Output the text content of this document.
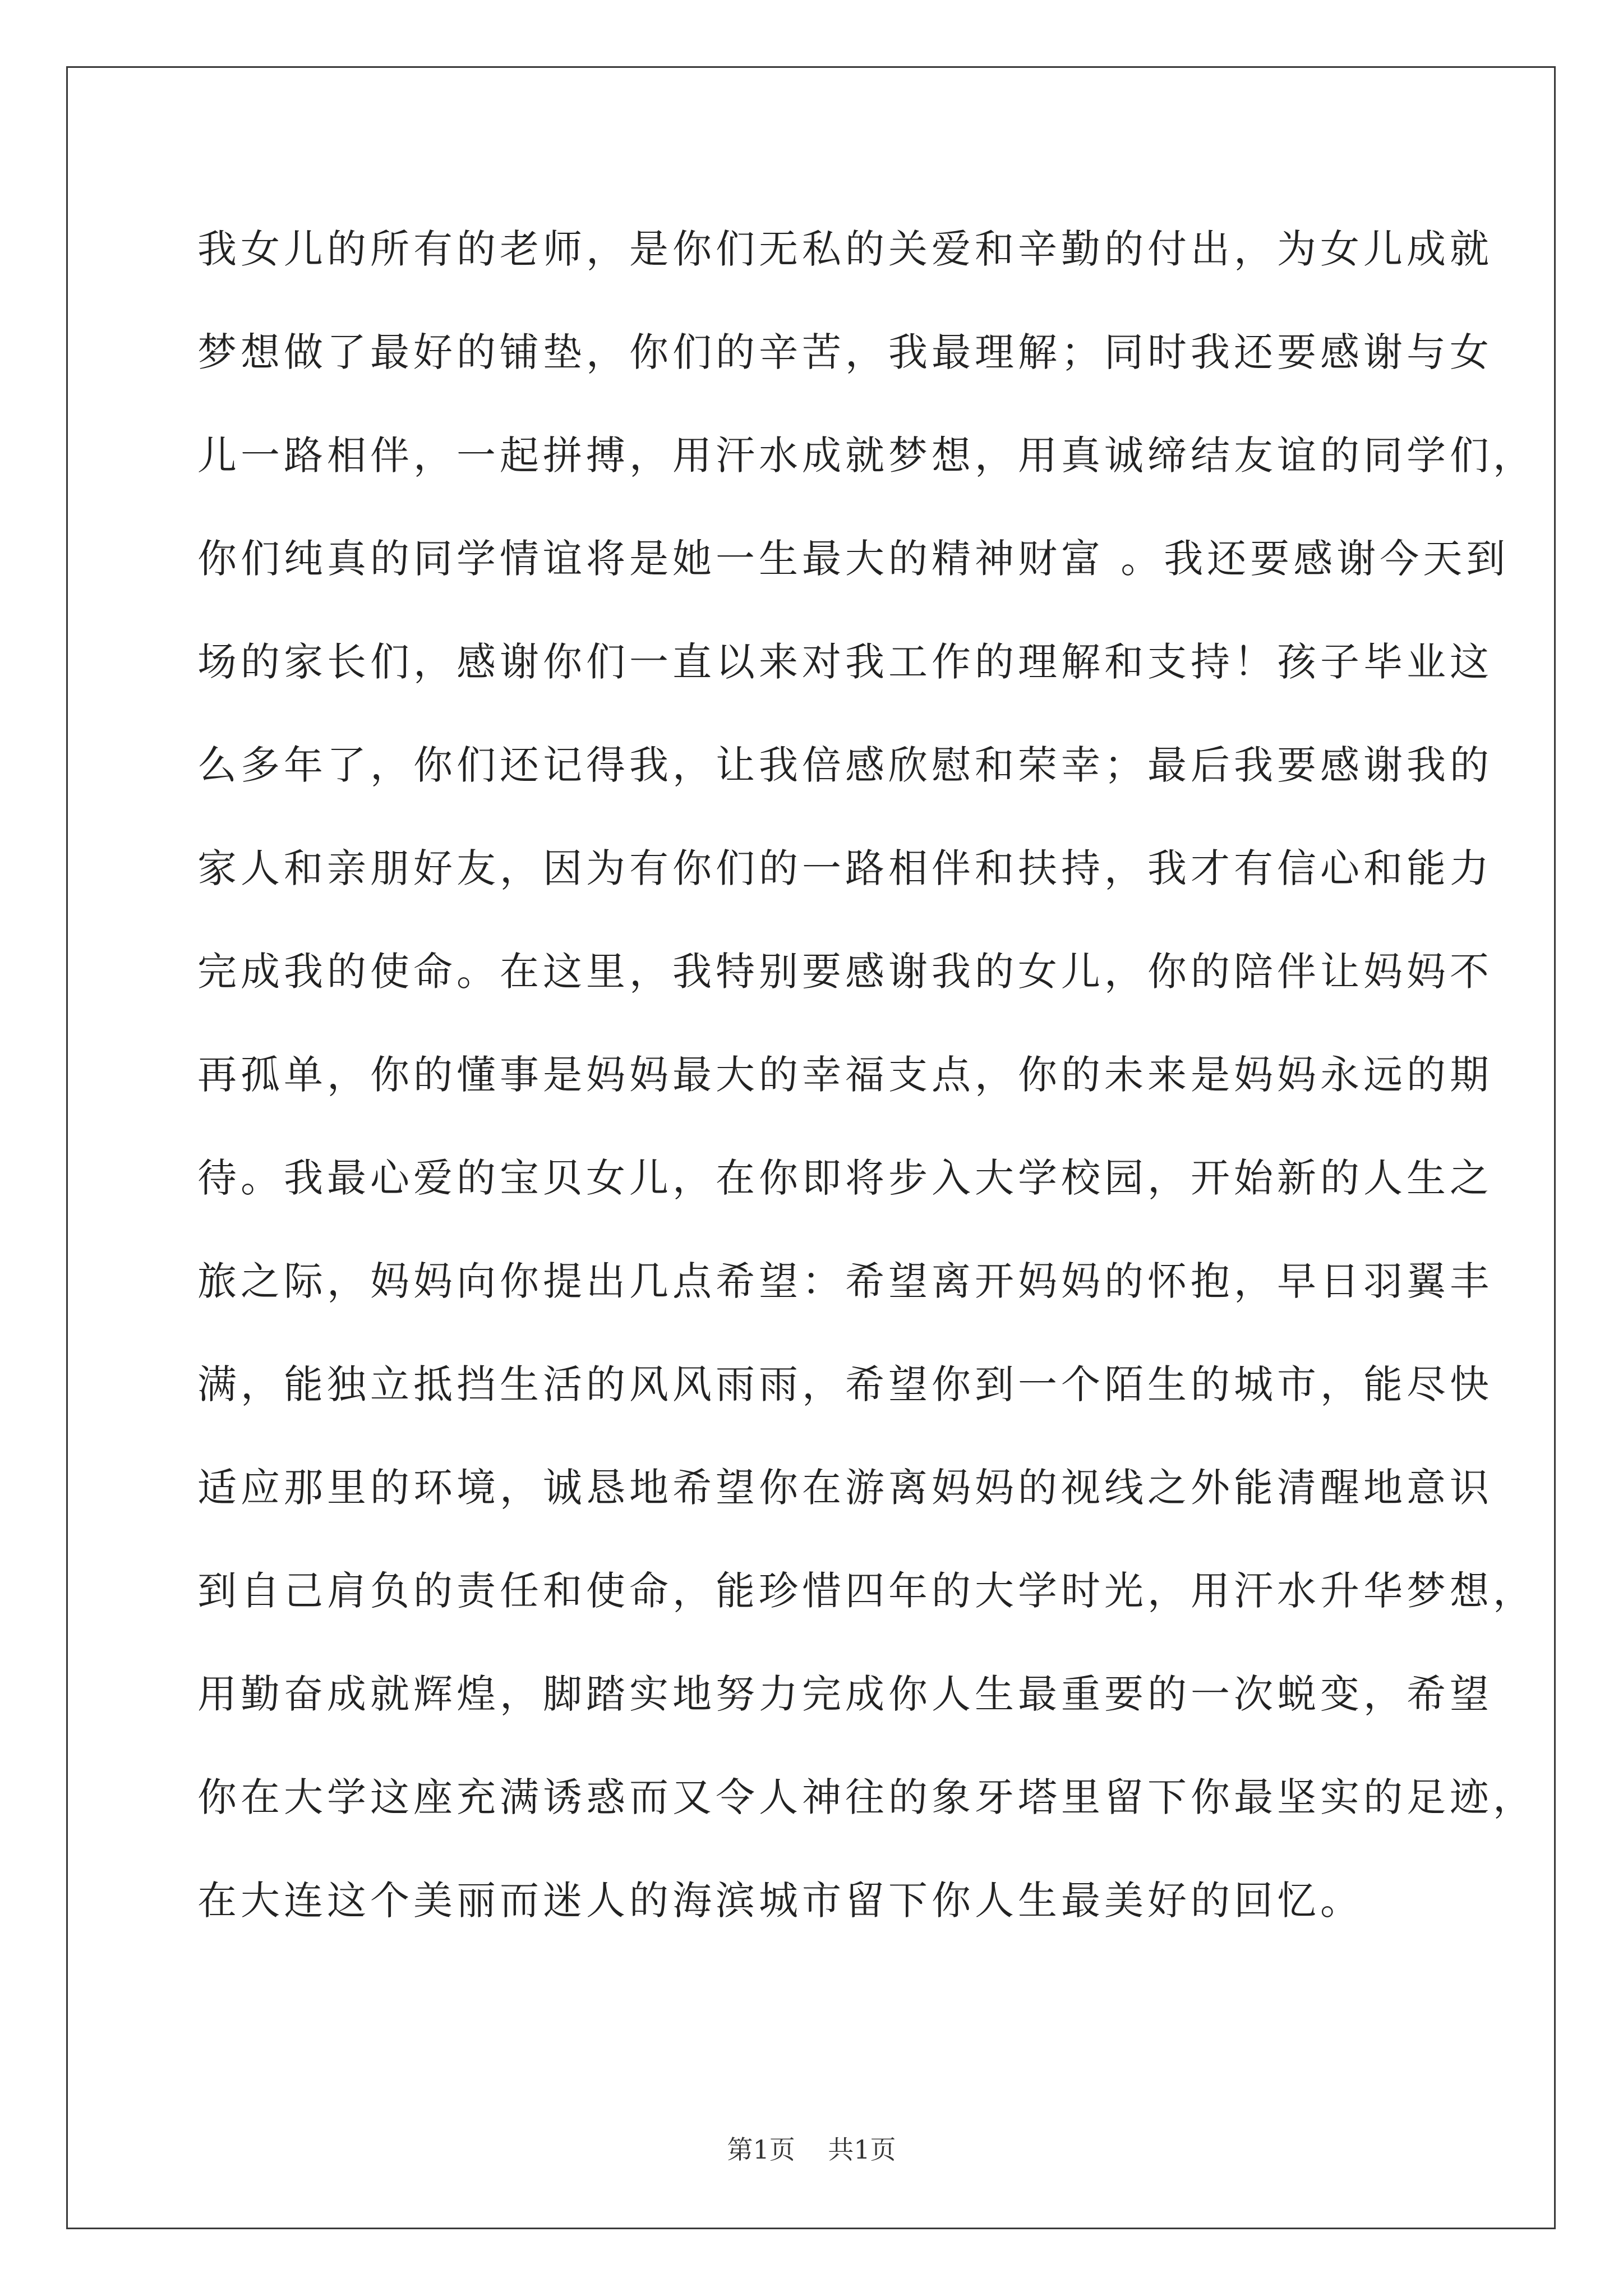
我女儿的所有的老师，是你们无私的关爱和辛勤的付出，为女儿成就
梦想做了最好的铺垫，你们的辛苦，我最理解；同时我还要感谢与女
儿一路相伴，一起拼搏，用汗水成就梦想，用真诚缔结友谊的同学们，
你们纯真的同学情谊将是她一生最大的精神财富 。我还要感谢今天到
场的家长们，感谢你们一直以来对我工作的理解和支持！孩子毕业这
么多年了，你们还记得我，让我倍感欣慰和荣幸；最后我要感谢我的
家人和亲朋好友，因为有你们的一路相伴和扶持，我才有信心和能力
完成我的使命。在这里，我特别要感谢我的女儿，你的陪伴让妈妈不
再孤单，你的懂事是妈妈最大的幸福支点，你的未来是妈妈永远的期
待。我最心爱的宝贝女儿，在你即将步入大学校园，开始新的人生之
旅之际，妈妈向你提出几点希望：希望离开妈妈的怀抱，早日羽翼丰
满，能独立抵挡生活的风风雨雨，希望你到一个陌生的城市，能尽快
适应那里的环境，诚恳地希望你在游离妈妈的视线之外能清醒地意识
到自己肩负的责任和使命，能珍惜四年的大学时光，用汗水升华梦想，
用勤奋成就辉煌，脚踏实地努力完成你人生最重要的一次蜕变，希望
你在大学这座充满诱惑而又令人神往的象牙塔里留下你最坚实的足迹，
在大连这个美丽而迷人的海滨城市留下你人生最美好的回忆。
第1页 共1页
